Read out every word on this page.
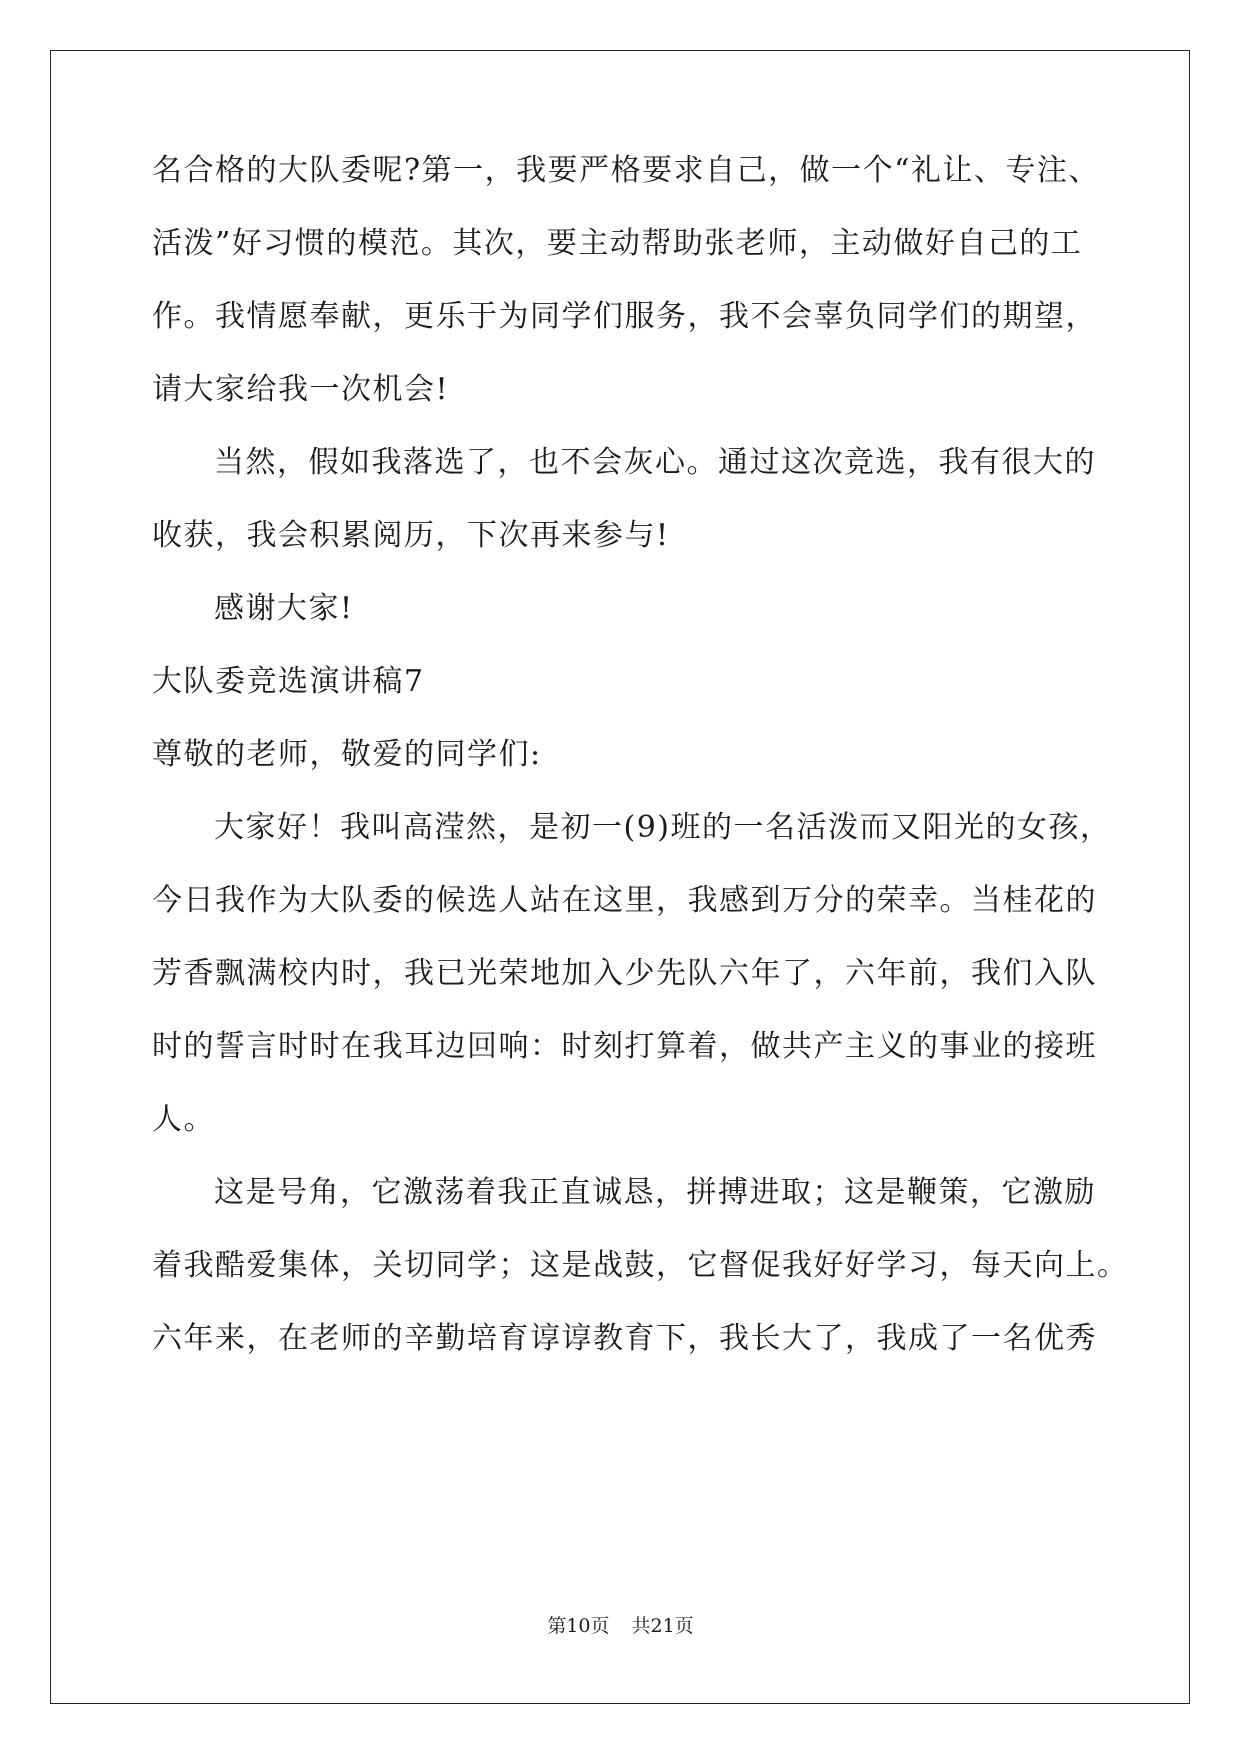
名合格的大队委呢?第一，我要严格要求自己，做一个“礼让、专注、
活泼”好习惯的模范。其次，要主动帮助张老师，主动做好自己的工
作。我情愿奉献，更乐于为同学们服务，我不会辜负同学们的期望，
请大家给我一次机会!
当然，假如我落选了，也不会灰心。通过这次竞选，我有很大的
收获，我会积累阅历，下次再来参与!
感谢大家!
大队委竞选演讲稿7
尊敬的老师，敬爱的同学们:
大家好！我叫高滢然，是初一(9)班的一名活泼而又阳光的女孩，
今日我作为大队委的候选人站在这里，我感到万分的荣幸。当桂花的
芳香飘满校内时，我已光荣地加入少先队六年了，六年前，我们入队
时的誓言时时在我耳边回响：时刻打算着，做共产主义的事业的接班
人。
这是号角，它激荡着我正直诚恳，拼搏进取；这是鞭策，它激励
着我酷爱集体，关切同学；这是战鼓，它督促我好好学习，每天向上。
六年来，在老师的辛勤培育谆谆教育下，我长大了，我成了一名优秀
第10页 共21页
